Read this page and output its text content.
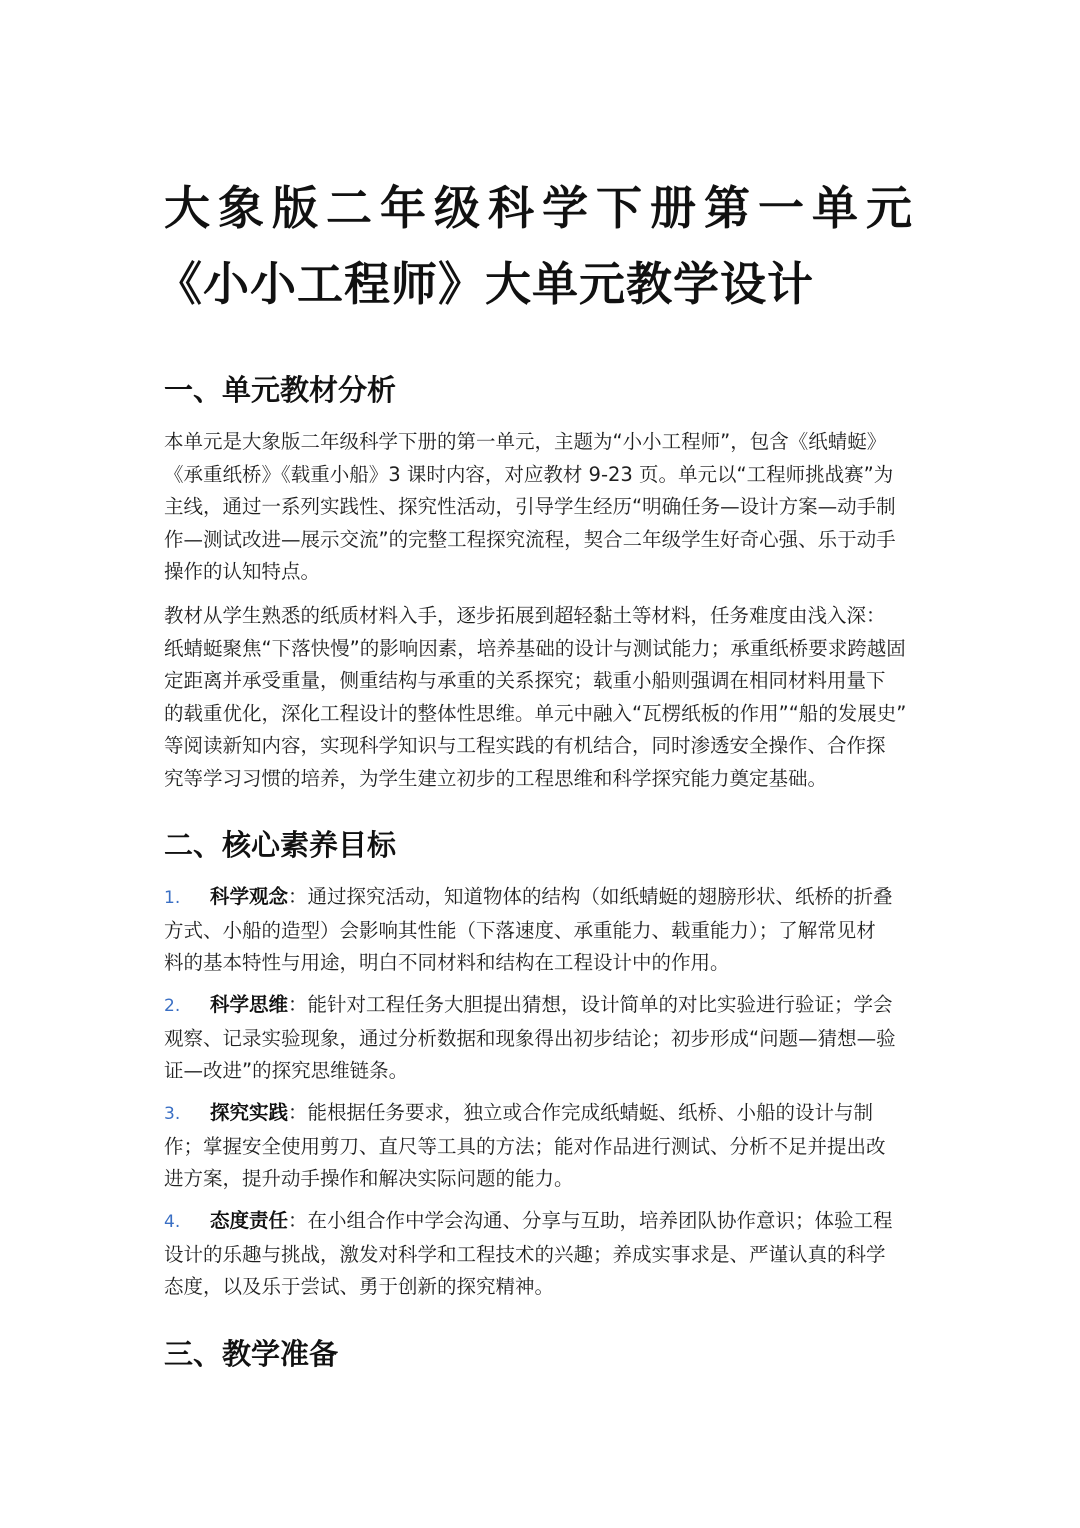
大象版二年级科学下册第一单元
《小小工程师》大单元教学设计
一、单元教材分析

本单元是大象版二年级科学下册的第一单元，主题为“小小工程师”，包含《纸蜻蜓》
《承重纸桥》《载重小船》3 课时内容，对应教材 9-23 页。单元以“工程师挑战赛”为
主线，通过一系列实践性、探究性活动，引导学生经历“明确任务—设计方案—动手制
作—测试改进—展示交流”的完整工程探究流程，契合二年级学生好奇心强、乐于动手
操作的认知特点。

教材从学生熟悉的纸质材料入手，逐步拓展到超轻黏土等材料，任务难度由浅入深：
纸蜻蜓聚焦“下落快慢”的影响因素，培养基础的设计与测试能力；承重纸桥要求跨越固
定距离并承受重量，侧重结构与承重的关系探究；载重小船则强调在相同材料用量下
的载重优化，深化工程设计的整体性思维。单元中融入“瓦楞纸板的作用”“船的发展史”
等阅读新知内容，实现科学知识与工程实践的有机结合，同时渗透安全操作、合作探
究等学习习惯的培养，为学生建立初步的工程思维和科学探究能力奠定基础。

二、核心素养目标
1. 科学观念：通过探究活动，知道物体的结构（如纸蜻蜓的翅膀形状、纸桥的折叠
方式、小船的造型）会影响其性能（下落速度、承重能力、载重能力）；了解常见材
料的基本特性与用途，明白不同材料和结构在工程设计中的作用。
2. 科学思维：能针对工程任务大胆提出猜想，设计简单的对比实验进行验证；学会
观察、记录实验现象，通过分析数据和现象得出初步结论；初步形成“问题—猜想—验
证—改进”的探究思维链条。
3. 探究实践：能根据任务要求，独立或合作完成纸蜻蜓、纸桥、小船的设计与制
作；掌握安全使用剪刀、直尺等工具的方法；能对作品进行测试、分析不足并提出改
进方案，提升动手操作和解决实际问题的能力。
4. 态度责任：在小组合作中学会沟通、分享与互助，培养团队协作意识；体验工程
设计的乐趣与挑战，激发对科学和工程技术的兴趣；养成实事求是、严谨认真的科学
态度，以及乐于尝试、勇于创新的探究精神。
三、教学准备
